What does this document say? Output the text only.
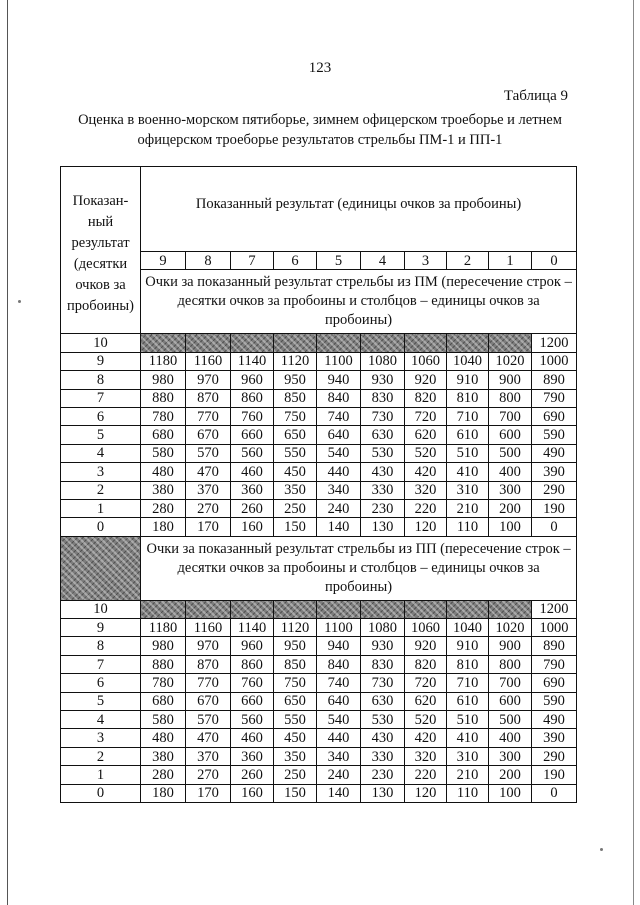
123
Таблица 9
Оценка в военно-морском пятиборье, зимнем офицерском троеборье и летнем офицерском троеборье результатов стрельбы ПМ-1 и ПП-1
Показан-ный результат (десятки очков за пробоины)	Показанный результат (единицы очков за пробоины)									
	9	8	7	6	5	4	3	2	1	0
	Очки за показанный результат стрельбы из ПМ (пересечение строк – десятки очков за пробоины и столбцов – единицы очков за пробоины)									
10										1200
9	1180	1160	1140	1120	1100	1080	1060	1040	1020	1000
8	980	970	960	950	940	930	920	910	900	890
7	880	870	860	850	840	830	820	810	800	790
6	780	770	760	750	740	730	720	710	700	690
5	680	670	660	650	640	630	620	610	600	590
4	580	570	560	550	540	530	520	510	500	490
3	480	470	460	450	440	430	420	410	400	390
2	380	370	360	350	340	330	320	310	300	290
1	280	270	260	250	240	230	220	210	200	190
0	180	170	160	150	140	130	120	110	100	0
	Очки за показанный результат стрельбы из ПП (пересечение строк – десятки очков за пробоины и столбцов – единицы очков за пробоины)									
10										1200
9	1180	1160	1140	1120	1100	1080	1060	1040	1020	1000
8	980	970	960	950	940	930	920	910	900	890
7	880	870	860	850	840	830	820	810	800	790
6	780	770	760	750	740	730	720	710	700	690
5	680	670	660	650	640	630	620	610	600	590
4	580	570	560	550	540	530	520	510	500	490
3	480	470	460	450	440	430	420	410	400	390
2	380	370	360	350	340	330	320	310	300	290
1	280	270	260	250	240	230	220	210	200	190
0	180	170	160	150	140	130	120	110	100	0
